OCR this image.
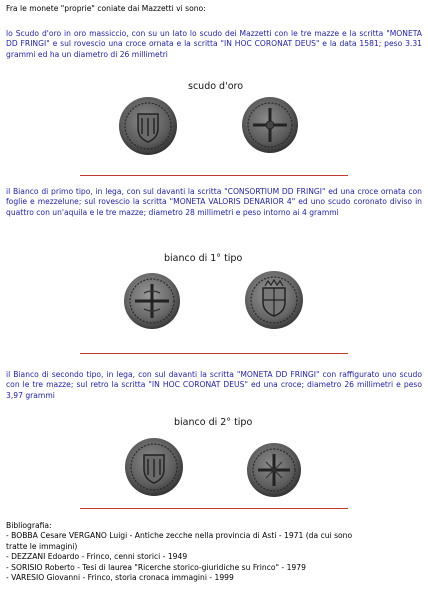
Fra le monete "proprie" coniate dai Mazzetti vi sono:

lo Scudo d'oro in oro massiccio, con su un lato lo scudo dei Mazzetti con le tre mazze e la scritta "MONETA DD FRINGI" e sul rovescio una croce ornata e la scritta "IN HOC CORONAT DEUS" e la data 1581; peso 3.31 grammi ed ha un diametro di 26 millimetri

scudo d'oro

il Bianco di primo tipo, in lega, con sul davanti la scritta "CONSORTIUM DD FRINGI" ed una croce ornata con foglie e mezzelune; sul rovescio la scritta "MONETA VALORIS DENARIOR 4" ed uno scudo coronato diviso in quattro con un'aquila e le tre mazze; diametro 28 millimetri e peso intorno ai 4 grammi

bianco di 1° tipo

il Bianco di secondo tipo, in lega, con sul davanti la scritta "MONETA DD FRINGI" con raffigurato uno scudo con le tre mazze; sul retro la scritta "IN HOC CORONAT DEUS" ed una croce; diametro 26 millimetri e peso 3,97 grammi

bianco di 2° tipo
Bibliografia:
- BOBBA Cesare VERGANO Luigi - Antiche zecche nella provincia di Asti - 1971 (da cui sono
tratte le immagini)
- DEZZANI Edoardo - Frinco, cenni storici - 1949
- SORISIO Roberto - Tesi di laurea "Ricerche storico-giuridiche su Frinco" - 1979
- VARESIO Giovanni - Frinco, storia cronaca immagini - 1999
